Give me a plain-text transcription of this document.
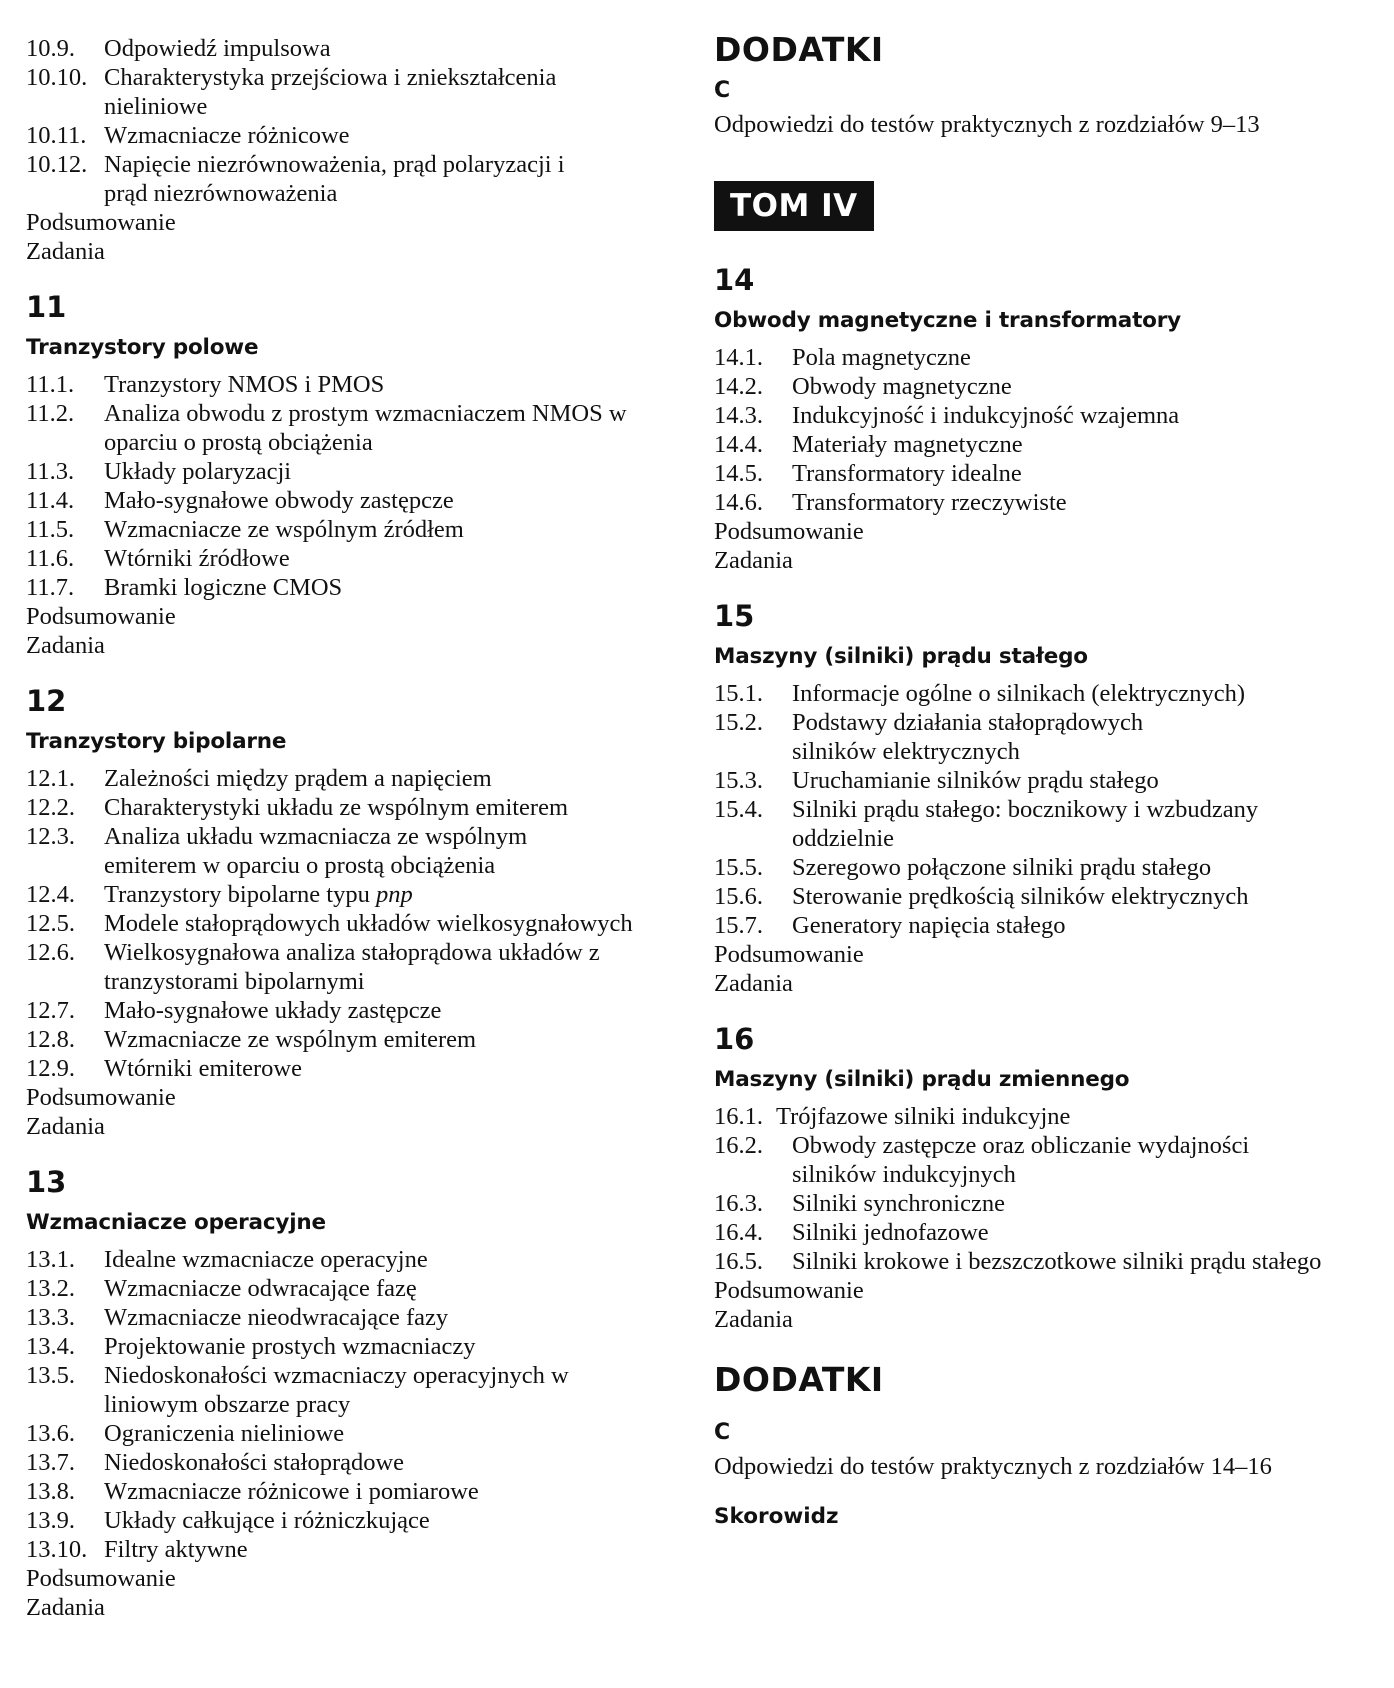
10.9.	Odpowiedź impulsowa
10.10. Charakterystyka przejściowa i zniekształcenia nieliniowe
10.11. Wzmacniacze różnicowe
10.12. Napięcie niezrównoważenia, prąd polaryzacji i prąd niezrównoważenia
Podsumowanie
Zadania
11
Tranzystory polowe
11.1.	Tranzystory NMOS i PMOS
11.2.	Analiza obwodu z prostym wzmacniaczem NMOS w oparciu o prostą obciążenia
11.3.	Układy polaryzacji
11.4.	Mało-sygnałowe obwody zastępcze
11.5.	Wzmacniacze ze wspólnym źródłem
11.6.	Wtórniki źródłowe
11.7.	Bramki logiczne CMOS
Podsumowanie
Zadania
12
Tranzystory bipolarne
12.1.	Zależności między prądem a napięciem
12.2.	Charakterystyki układu ze wspólnym emiterem
12.3.	Analiza układu wzmacniacza ze wspólnym emiterem w oparciu o prostą obciążenia
12.4.	Tranzystory bipolarne typu pnp
12.5.	Modele stałoprądowych układów wielkosygnałowych
12.6.	Wielkosygnałowa analiza stałoprądowa układów z tranzystorami bipolarnymi
12.7.	Mało-sygnałowe układy zastępcze
12.8.	Wzmacniacze ze wspólnym emiterem
12.9.	Wtórniki emiterowe
Podsumowanie
Zadania
13
Wzmacniacze operacyjne
13.1.	Idealne wzmacniacze operacyjne
13.2.	Wzmacniacze odwracające fazę
13.3.	Wzmacniacze nieodwracające fazy
13.4.	Projektowanie prostych wzmacniaczy
13.5.	Niedoskonałości wzmacniaczy operacyjnych w liniowym obszarze pracy
13.6.	Ograniczenia nieliniowe
13.7.	Niedoskonałości stałoprądowe
13.8.	Wzmacniacze różnicowe i pomiarowe
13.9.	Układy całkujące i różniczkujące
13.10. Filtry aktywne
Podsumowanie
Zadania
DODATKI
C
Odpowiedzi do testów praktycznych z rozdziałów 9–13
TOM IV
14
Obwody magnetyczne i transformatory
14.1.	Pola magnetyczne
14.2.	Obwody magnetyczne
14.3.	Indukcyjność i indukcyjność wzajemna
14.4.	Materiały magnetyczne
14.5.	Transformatory idealne
14.6.	Transformatory rzeczywiste
Podsumowanie
Zadania
15
Maszyny (silniki) prądu stałego
15.1.	Informacje ogólne o silnikach (elektrycznych)
15.2.	Podstawy działania stałoprądowych silników elektrycznych
15.3.	Uruchamianie silników prądu stałego
15.4.	Silniki prądu stałego: bocznikowy i wzbudzany oddzielnie
15.5.	Szeregowo połączone silniki prądu stałego
15.6.	Sterowanie prędkością silników elektrycznych
15.7.	Generatory napięcia stałego
Podsumowanie
Zadania
16
Maszyny (silniki) prądu zmiennego
16.1. Trójfazowe silniki indukcyjne
16.2.	Obwody zastępcze oraz obliczanie wydajności silników indukcyjnych
16.3.	Silniki synchroniczne
16.4.	Silniki jednofazowe
16.5.	Silniki krokowe i bezszczotkowe silniki prądu stałego
Podsumowanie
Zadania
DODATKI
C
Odpowiedzi do testów praktycznych z rozdziałów 14–16
Skorowidz
